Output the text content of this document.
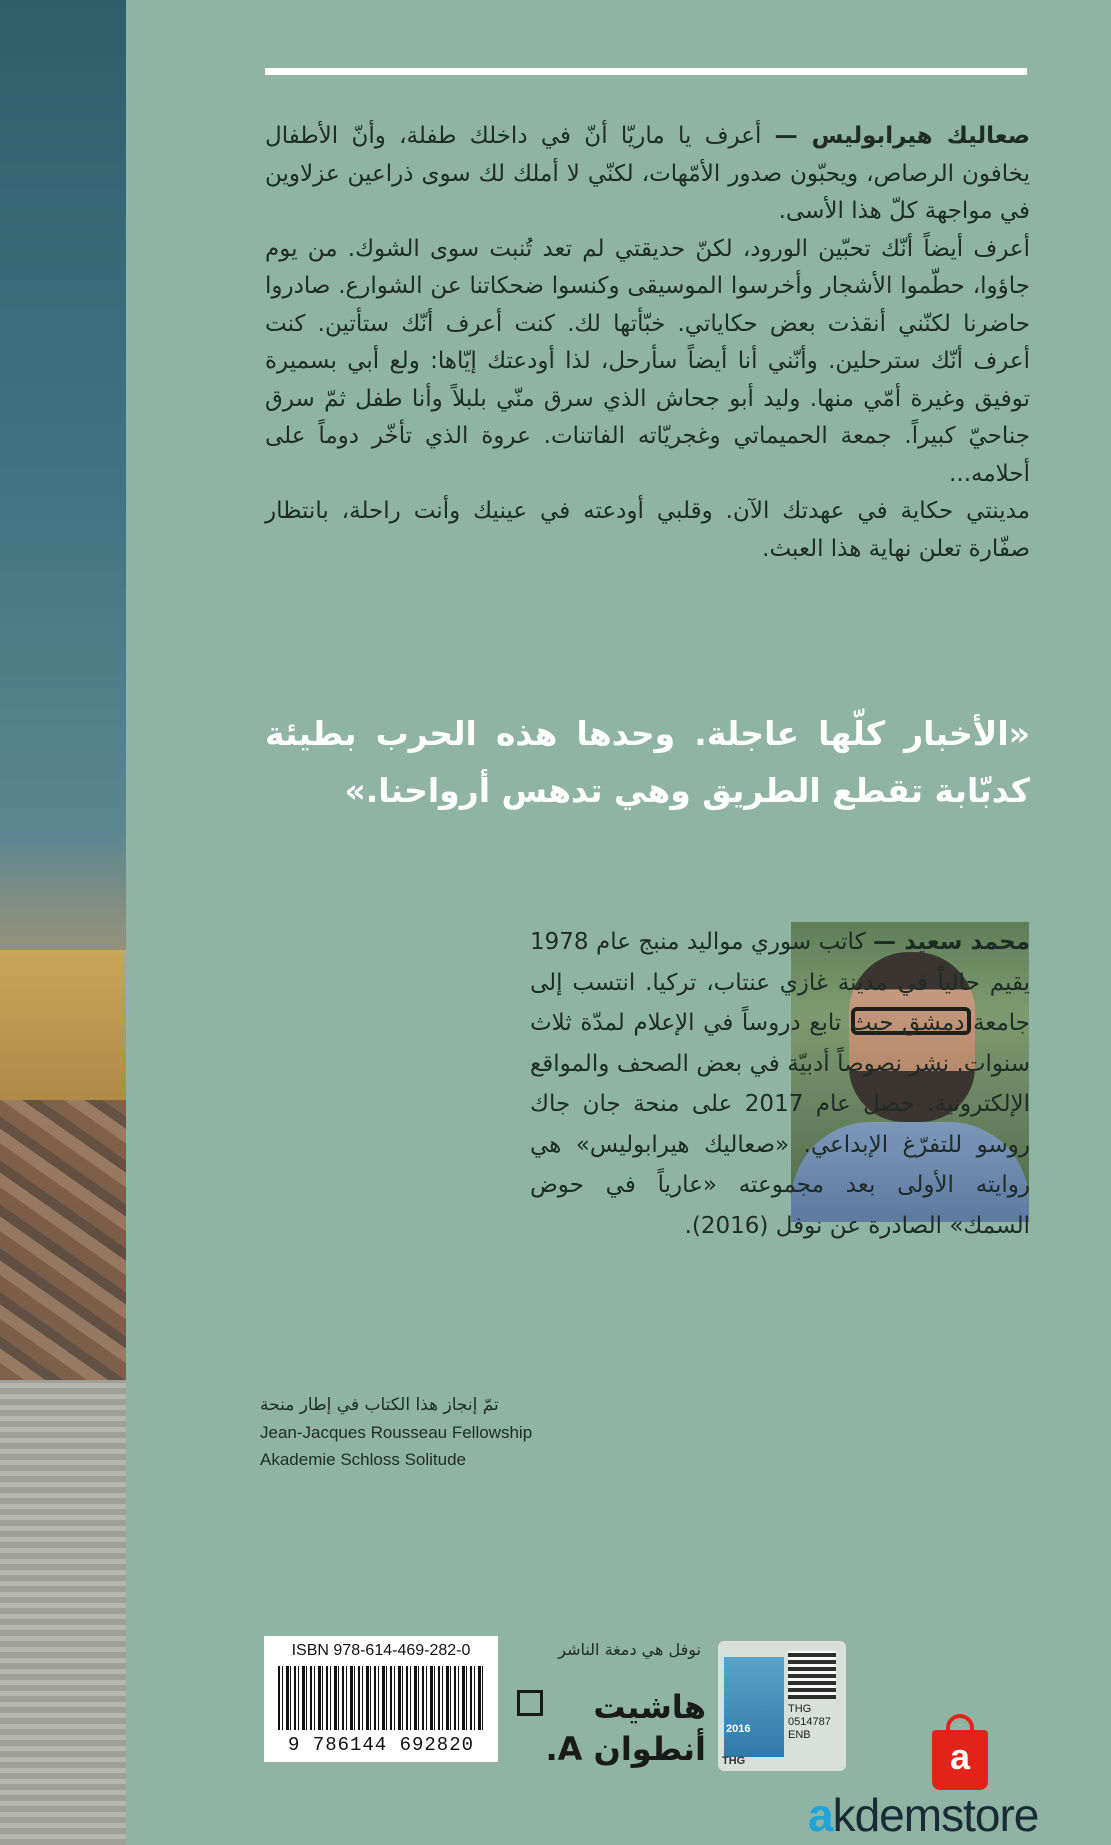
صعاليك هيرابوليس — أعرف يا ماريّا أنّ في داخلك طفلة، وأنّ الأطفال يخافون الرصاص، ويحبّون صدور الأمّهات، لكنّي لا أملك لك سوى ذراعين عزلاوين في مواجهة كلّ هذا الأسى.

أعرف أيضاً أنّك تحبّين الورود، لكنّ حديقتي لم تعد تُنبت سوى الشوك. من يوم جاؤوا، حطّموا الأشجار وأخرسوا الموسيقى وكنسوا ضحكاتنا عن الشوارع. صادروا حاضرنا لكنّني أنقذت بعض حكاياتي. خبّأتها لك. كنت أعرف أنّك ستأتين. كنت أعرف أنّك سترحلين. وأنّني أنا أيضاً سأرحل، لذا أودعتك إيّاها: ولع أبي بسميرة توفيق وغيرة أمّي منها. وليد أبو جحاش الذي سرق منّي بلبلاً وأنا طفل ثمّ سرق جناحيّ كبيراً. جمعة الحميماتي وغجريّاته الفاتنات. عروة الذي تأخّر دوماً على أحلامه...

مدينتي حكاية في عهدتك الآن. وقلبي أودعته في عينيك وأنت راحلة، بانتظار صفّارة تعلن نهاية هذا العبث.

«الأخبار كلّها عاجلة. وحدها هذه الحرب بطيئة كدبّابة تقطع الطريق وهي تدهس أرواحنا.»

محمد سعيد — كاتب سوري مواليد منبج عام 1978 يقيم حالياً في مدينة غازي عنتاب، تركيا. انتسب إلى جامعة دمشق حيث تابع دروساً في الإعلام لمدّة ثلاث سنوات. نشر نصوصاً أدبيّة في بعض الصحف والمواقع الإلكترونية. حصل عام 2017 على منحة جان جاك روسو للتفرّغ الإبداعي. «صعاليك هيرابوليس» هي روايته الأولى بعد مجموعته «عارياً في حوض السمك» الصادرة عن نوفل (2016).

تمّ إنجاز هذا الكتاب في إطار منحة
Jean-Jacques Rousseau Fellowship
Akademie Schloss Solitude
ISBN 978-614-469-282-0
9 786144 692820
نوفل هي دمغة الناشر
هاشيت
أنطوان A.
2016
THG
0514787
ENB
THG	a
akdemstore
